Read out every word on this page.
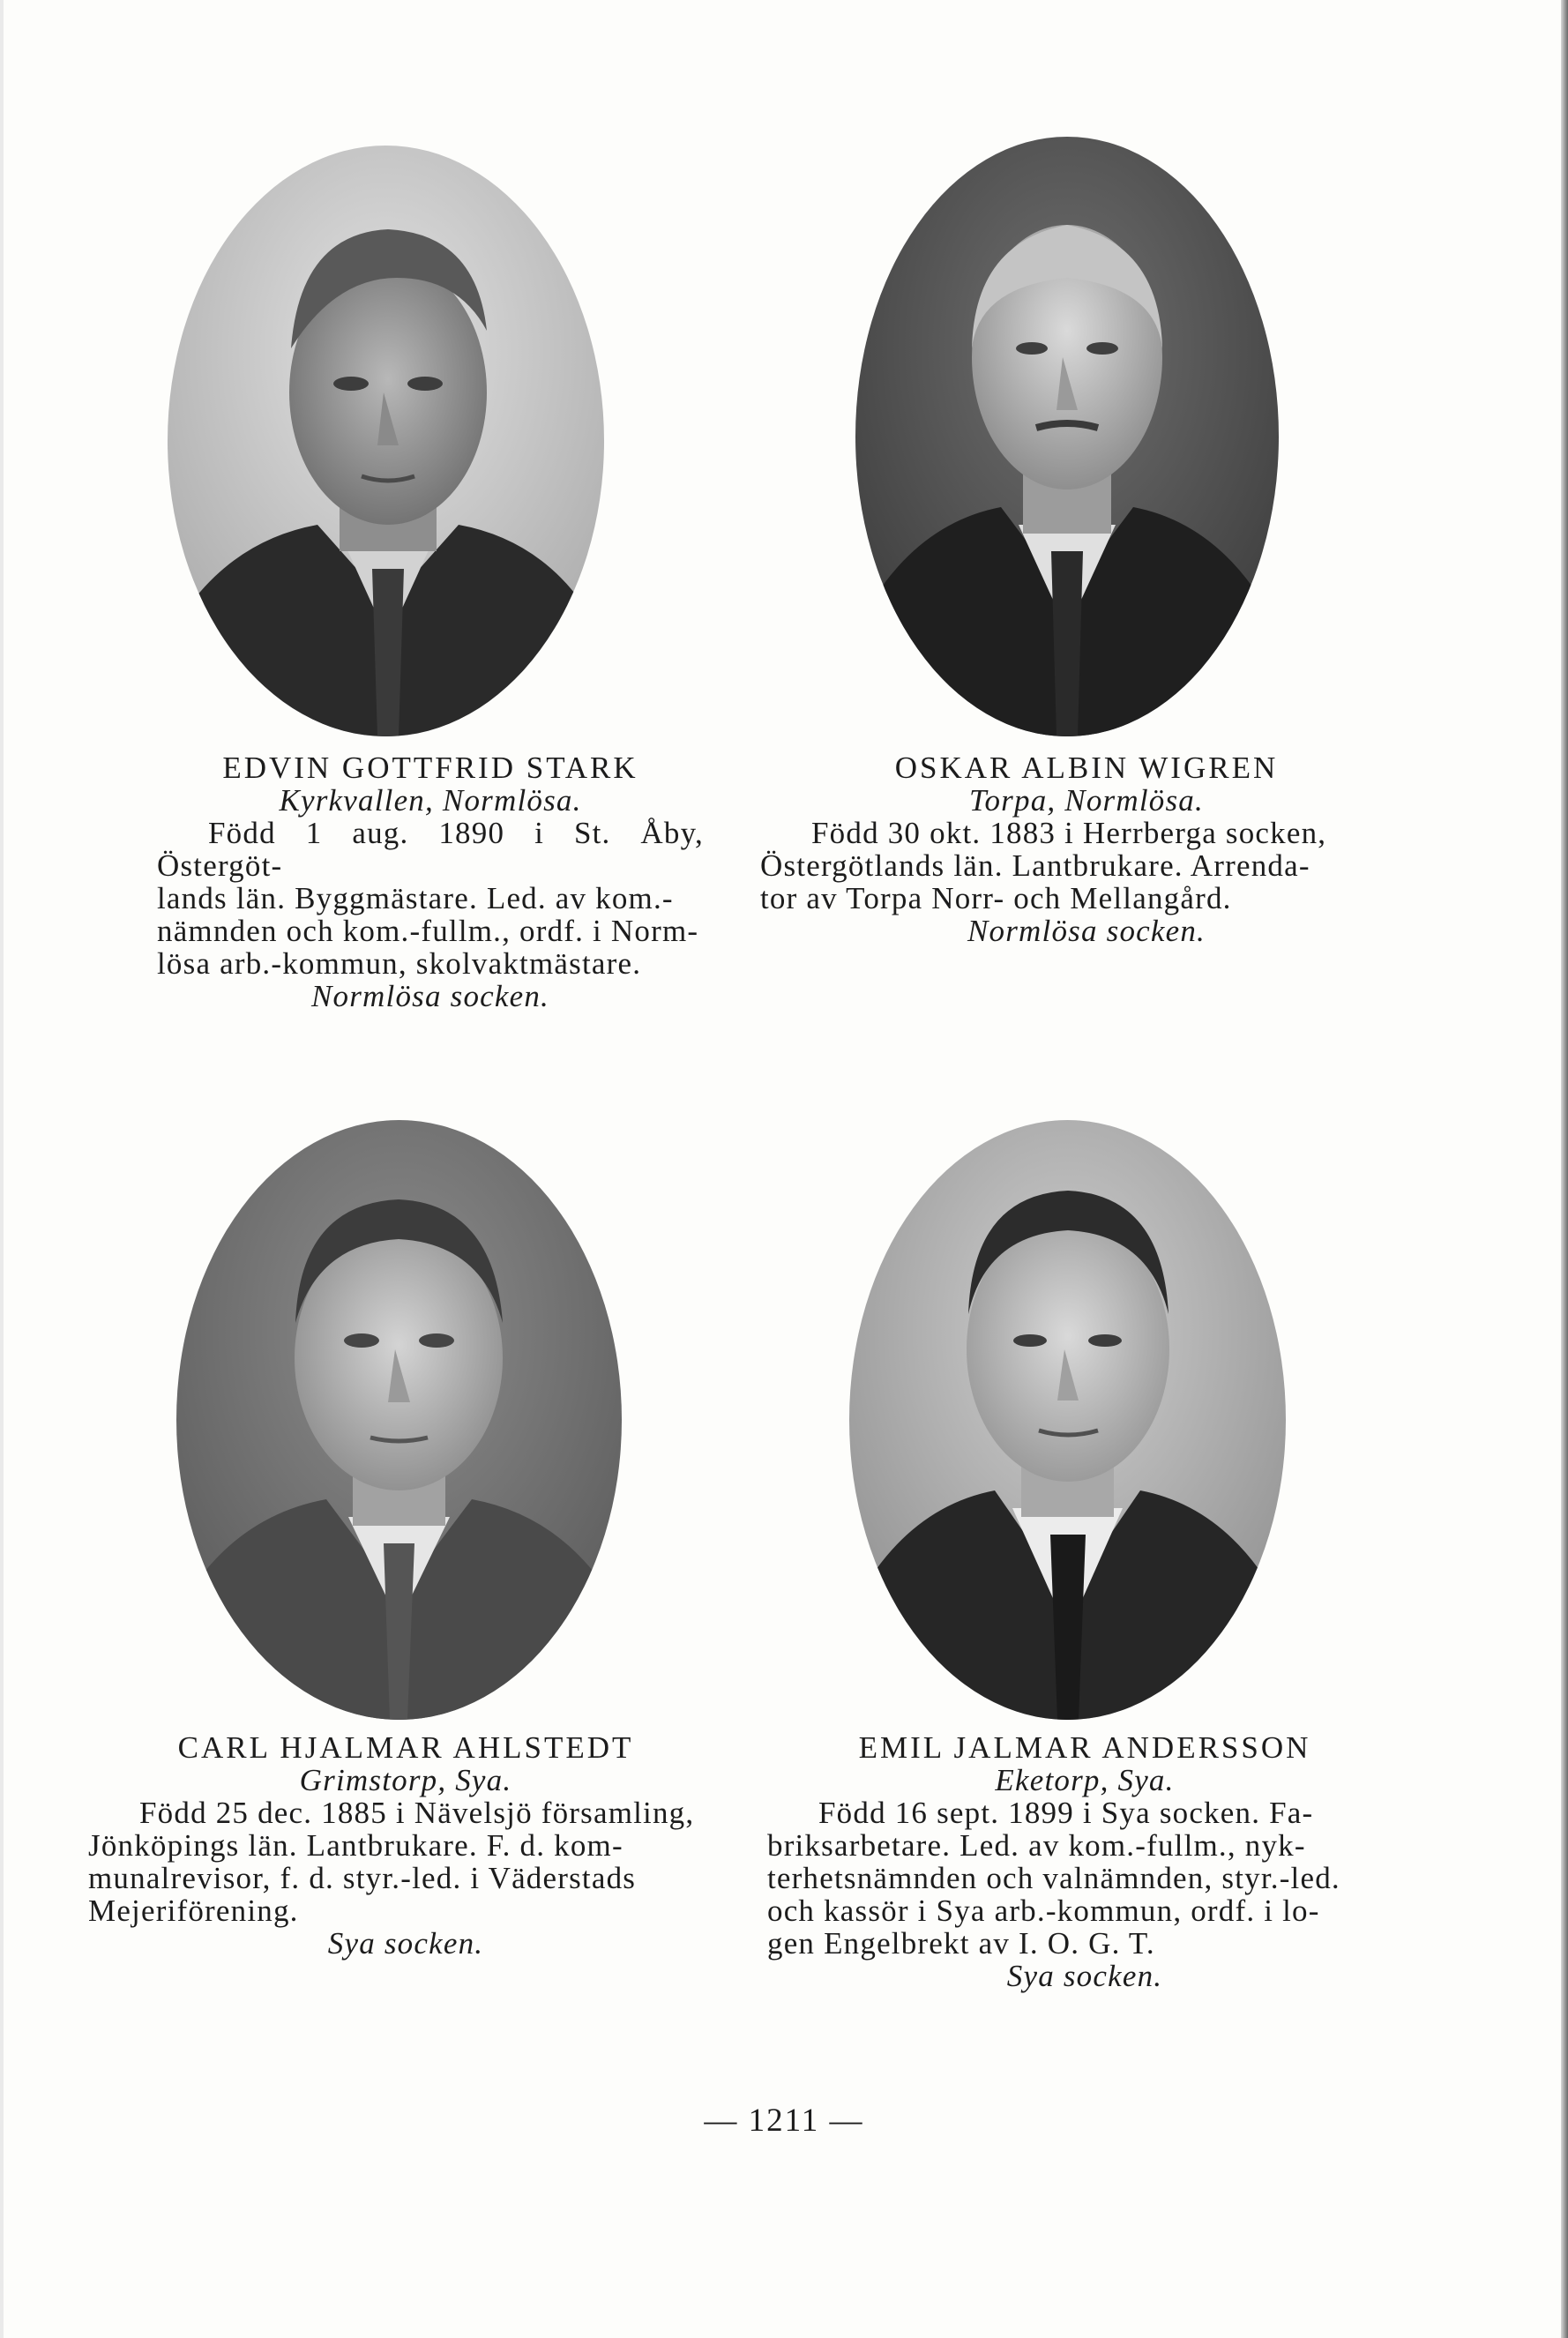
EDVIN GOTTFRID STARK
Kyrkvallen, Normlösa.
Född 1 aug. 1890 i St. Åby, Östergöt-
lands län. Byggmästare. Led. av kom.-
nämnden och kom.-fullm., ordf. i Norm-
lösa arb.-kommun, skolvaktmästare.
Normlösa socken.
OSKAR ALBIN WIGREN
Torpa, Normlösa.
Född 30 okt. 1883 i Herrberga socken,
Östergötlands län. Lantbrukare. Arrenda-
tor av Torpa Norr- och Mellangård.
Normlösa socken.
CARL HJALMAR AHLSTEDT
Grimstorp, Sya.
Född 25 dec. 1885 i Nävelsjö församling,
Jönköpings län. Lantbrukare. F. d. kom-
munalrevisor, f. d. styr.-led. i Väderstads
Mejeriförening.
Sya socken.
EMIL JALMAR ANDERSSON
Eketorp, Sya.
Född 16 sept. 1899 i Sya socken. Fa-
briksarbetare. Led. av kom.-fullm., nyk-
terhetsnämnden och valnämnden, styr.-led.
och kassör i Sya arb.-kommun, ordf. i lo-
gen Engelbrekt av I. O. G. T.
Sya socken.
— 1211 —
